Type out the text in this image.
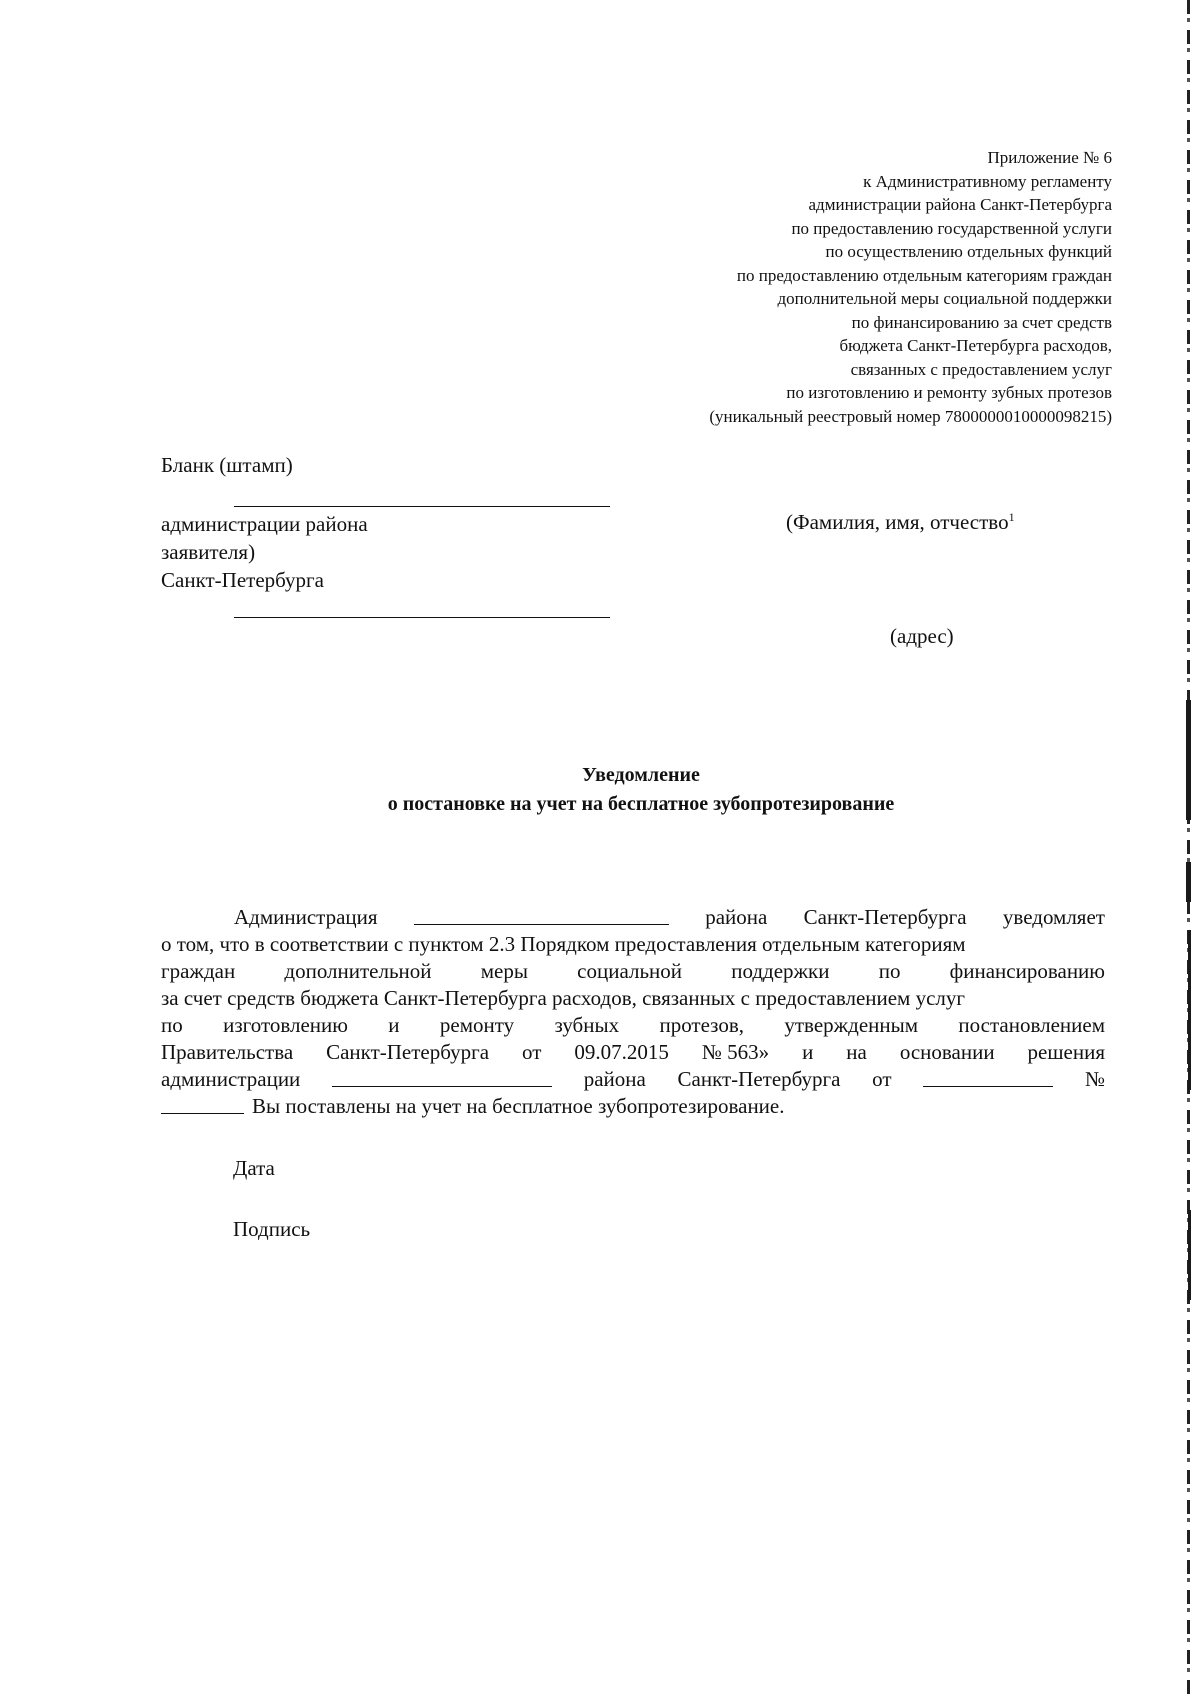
Приложение № 6
к Административному регламенту
администрации района Санкт-Петербурга
по предоставлению государственной услуги
по осуществлению отдельных функций
по предоставлению отдельным категориям граждан
дополнительной меры социальной поддержки
по финансированию за счет средств
бюджета Санкт-Петербурга расходов,
связанных с предоставлением услуг
по изготовлению и ремонту зубных протезов
(уникальный реестровый номер 7800000010000098215)
Бланк (штамп)
администрации района
заявителя)
Санкт-Петербурга
(Фамилия, имя, отчество$^1$
(адрес)
Уведомление
о постановке на учет на бесплатное зубопротезирование
Администрация	района Санкт-Петербурга уведомляет
о том, что в соответствии с пунктом 2.3 Порядком предоставления отдельным категориям
граждан дополнительной меры социальной поддержки по финансированию
за счет средств бюджета Санкт-Петербурга расходов, связанных с предоставлением услуг
по изготовлению и ремонту зубных протезов, утвержденным постановлением
Правительства Санкт-Петербурга от 09.07.2015 № 563» и на основании решения
администрации	района Санкт-Петербурга от	№
Вы поставлены на учет на бесплатное зубопротезирование.
Дата
Подпись
